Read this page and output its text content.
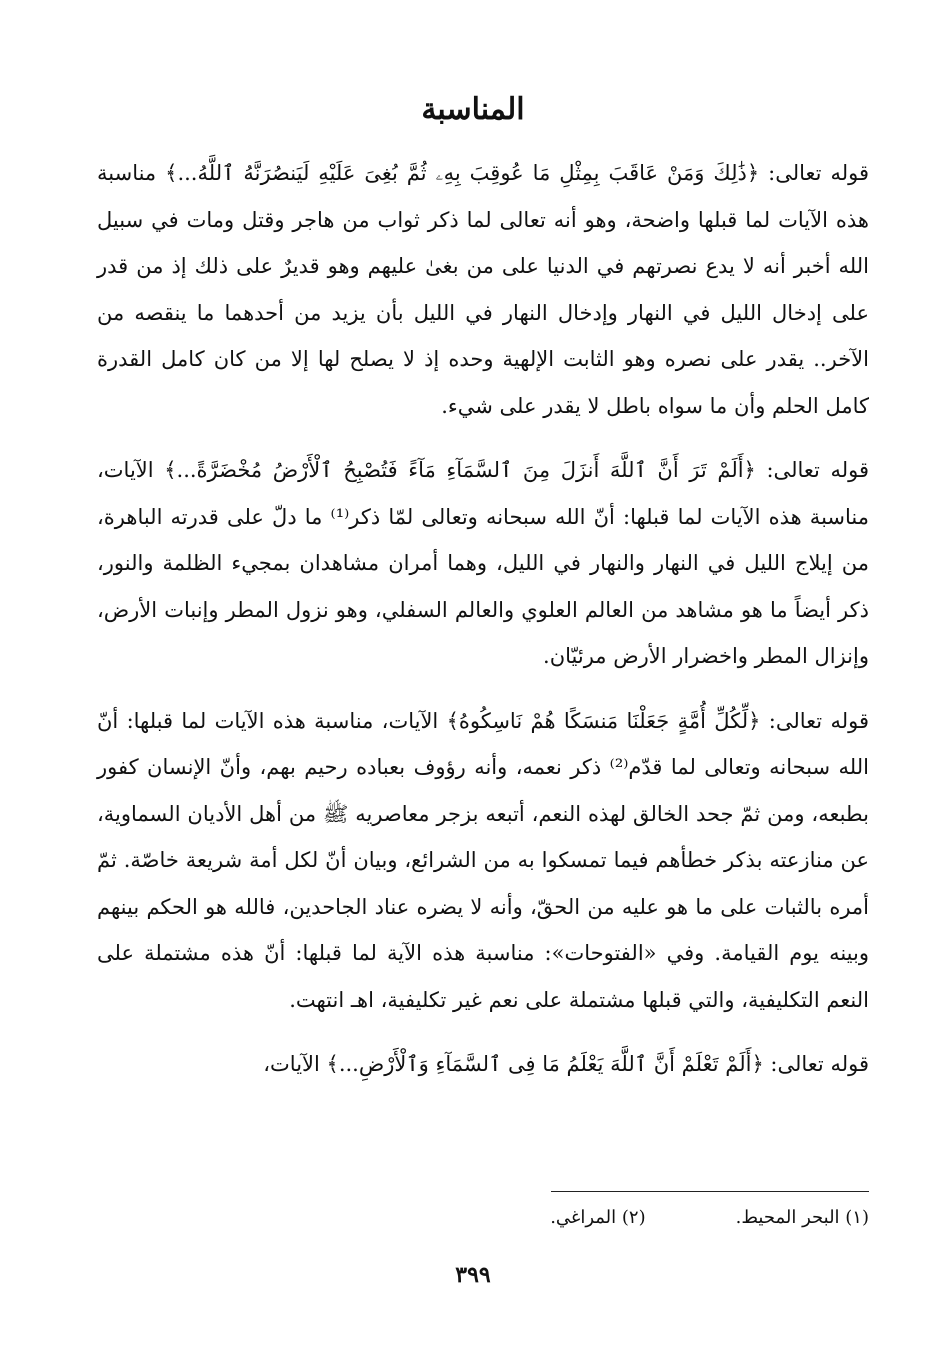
المناسبة

قوله تعالى: ﴿ذَٰلِكَ وَمَنْ عَاقَبَ بِمِثْلِ مَا عُوقِبَ بِهِۦ ثُمَّ بُغِىَ عَلَيْهِ لَيَنصُرَنَّهُ ٱللَّهُ...﴾ مناسبة هذه الآيات لما قبلها واضحة، وهو أنه تعالى لما ذكر ثواب من هاجر وقتل ومات في سبيل الله أخبر أنه لا يدع نصرتهم في الدنيا على من بغىٰ عليهم وهو قديرٌ على ذلك إذ من قدر على إدخال الليل في النهار وإدخال النهار في الليل بأن يزيد من أحدهما ما ينقصه من الآخر.. يقدر على نصره وهو الثابت الإلهية وحده إذ لا يصلح لها إلا من كان كامل القدرة كامل الحلم وأن ما سواه باطل لا يقدر على شيء.

قوله تعالى: ﴿أَلَمْ تَرَ أَنَّ ٱللَّهَ أَنزَلَ مِنَ ٱلسَّمَآءِ مَآءً فَتُصْبِحُ ٱلْأَرْضُ مُخْضَرَّةً...﴾ الآيات، مناسبة هذه الآيات لما قبلها: أنّ الله سبحانه وتعالى لمّا ذكر⁽¹⁾ ما دلّ على قدرته الباهرة، من إيلاج الليل في النهار والنهار في الليل، وهما أمران مشاهدان بمجيء الظلمة والنور، ذكر أيضاً ما هو مشاهد من العالم العلوي والعالم السفلي، وهو نزول المطر وإنبات الأرض، وإنزال المطر واخضرار الأرض مرئيّان.

قوله تعالى: ﴿لِّكُلِّ أُمَّةٍ جَعَلْنَا مَنسَكًا هُمْ نَاسِكُوهُ﴾ الآيات، مناسبة هذه الآيات لما قبلها: أنّ الله سبحانه وتعالى لما قدّم⁽²⁾ ذكر نعمه، وأنه رؤوف بعباده رحيم بهم، وأنّ الإنسان كفور بطبعه، ومن ثمّ جحد الخالق لهذه النعم، أتبعه بزجر معاصريه ﷺ من أهل الأديان السماوية، عن منازعته بذكر خطأهم فيما تمسكوا به من الشرائع، وبيان أنّ لكل أمة شريعة خاصّة. ثمّ أمره بالثبات على ما هو عليه من الحقّ، وأنه لا يضره عناد الجاحدين، فالله هو الحكم بينهم وبينه يوم القيامة. وفي «الفتوحات»: مناسبة هذه الآية لما قبلها: أنّ هذه مشتملة على النعم التكليفية، والتي قبلها مشتملة على نعم غير تكليفية، اهـ انتهت.

قوله تعالى: ﴿أَلَمْ تَعْلَمْ أَنَّ ٱللَّهَ يَعْلَمُ مَا فِى ٱلسَّمَآءِ وَٱلْأَرْضِ...﴾ الآيات،

(١) البحر المحيط.
(٢) المراغي.
٣٩٩
